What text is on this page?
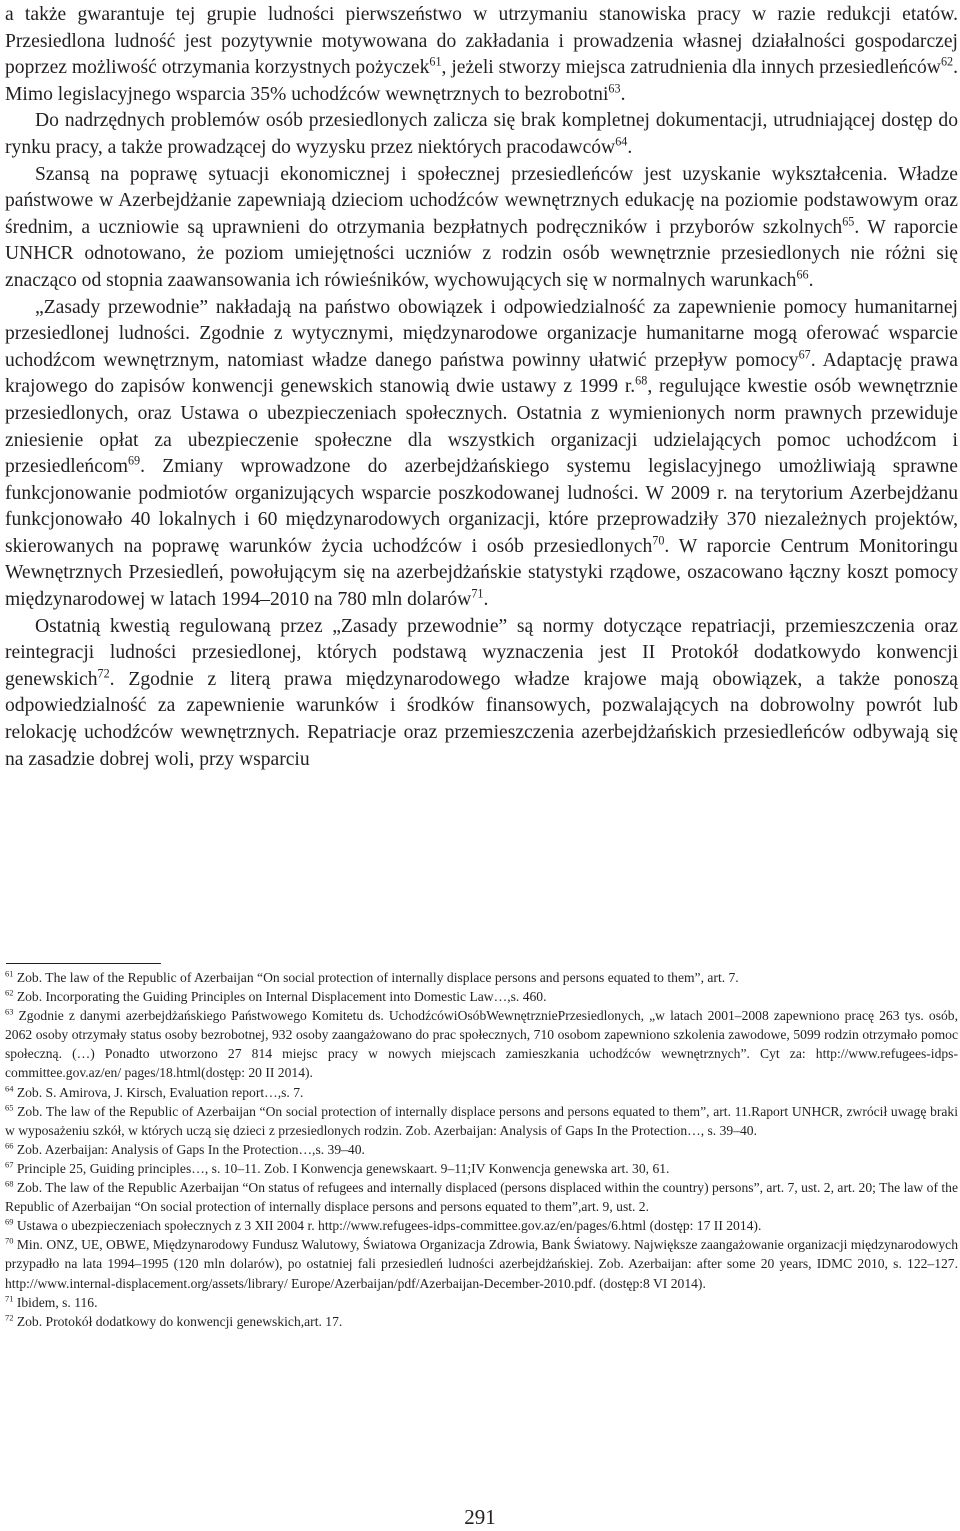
a także gwarantuje tej grupie ludności pierwszeństwo w utrzymaniu stanowiska pracy w razie redukcji etatów. Przesiedlona ludność jest pozytywnie motywowana do zakładania i prowadzenia własnej działalności gospodarczej poprzez możliwość otrzymania korzystnych pożyczek$^{61}$, jeżeli stworzy miejsca zatrudnienia dla innych przesiedleńców$^{62}$. Mimo legislacyjnego wsparcia 35% uchodźców wewnętrznych to bezrobotni$^{63}$.

Do nadrzędnych problemów osób przesiedlonych zalicza się brak kompletnej dokumentacji, utrudniającej dostęp do rynku pracy, a także prowadzącej do wyzysku przez niektórych pracodawców$^{64}$.

Szansą na poprawę sytuacji ekonomicznej i społecznej przesiedleńców jest uzyskanie wykształcenia. Władze państwowe w Azerbejdżanie zapewniają dzieciom uchodźców wewnętrznych edukację na poziomie podstawowym oraz średnim, a uczniowie są uprawnieni do otrzymania bezpłatnych podręczników i przyborów szkolnych$^{65}$. W raporcie UNHCR odnotowano, że poziom umiejętności uczniów z rodzin osób wewnętrznie przesiedlonych nie różni się znacząco od stopnia zaawansowania ich rówieśników, wychowujących się w normalnych warunkach$^{66}$.

„Zasady przewodnie” nakładają na państwo obowiązek i odpowiedzialność za zapewnienie pomocy humanitarnej przesiedlonej ludności. Zgodnie z wytycznymi, międzynarodowe organizacje humanitarne mogą oferować wsparcie uchodźcom wewnętrznym, natomiast władze danego państwa powinny ułatwić przepływ pomocy$^{67}$. Adaptację prawa krajowego do zapisów konwencji genewskich stanowią dwie ustawy z 1999 r.$^{68}$, regulujące kwestie osób wewnętrznie przesiedlonych, oraz Ustawa o ubezpieczeniach społecznych. Ostatnia z wymienionych norm prawnych przewiduje zniesienie opłat za ubezpieczenie społeczne dla wszystkich organizacji udzielających pomoc uchodźcom i przesiedleńcom$^{69}$. Zmiany wprowadzone do azerbejdżańskiego systemu legislacyjnego umożliwiają sprawne funkcjonowanie podmiotów organizujących wsparcie poszkodowanej ludności. W 2009 r. na terytorium Azerbejdżanu funkcjonowało 40 lokalnych i 60 międzynarodowych organizacji, które przeprowadziły 370 niezależnych projektów, skierowanych na poprawę warunków życia uchodźców i osób przesiedlonych$^{70}$. W raporcie Centrum Monitoringu Wewnętrznych Przesiedleń, powołującym się na azerbejdżańskie statystyki rządowe, oszacowano łączny koszt pomocy międzynarodowej w latach 1994–2010 na 780 mln dolarów$^{71}$.

Ostatnią kwestią regulowaną przez „Zasady przewodnie” są normy dotyczące repatriacji, przemieszczenia oraz reintegracji ludności przesiedlonej, których podstawą wyznaczenia jest II Protokół dodatkowydo konwencji genewskich$^{72}$. Zgodnie z literą prawa międzynarodowego władze krajowe mają obowiązek, a także ponoszą odpowiedzialność za zapewnienie warunków i środków finansowych, pozwalających na dobrowolny powrót lub relokację uchodźców wewnętrznych. Repatriacje oraz przemieszczenia azerbejdżańskich przesiedleńców odbywają się na zasadzie dobrej woli, przy wsparciu

$^{61}$ Zob. The law of the Republic of Azerbaijan “On social protection of internally displace persons and persons equated to them”, art. 7.
$^{62}$ Zob. Incorporating the Guiding Principles on Internal Displacement into Domestic Law…,s. 460.
$^{63}$ Zgodnie z danymi azerbejdżańskiego Państwowego Komitetu ds. UchodźcówiOsóbWewnętrzniePrzesiedlonych, „w latach 2001–2008 zapewniono pracę 263 tys. osób, 2062 osoby otrzymały status osoby bezrobotnej, 932 osoby zaangażowano do prac społecznych, 710 osobom zapewniono szkolenia zawodowe, 5099 rodzin otrzymało pomoc społeczną. (…) Ponadto utworzono 27 814 miejsc pracy w nowych miejscach zamieszkania uchodźców wewnętrznych”. Cyt za: http://www.refugees-idps-committee.gov.az/en/ pages/18.html(dostęp: 20 II 2014).
$^{64}$ Zob. S. Amirova, J. Kirsch, Evaluation report…,s. 7.
$^{65}$ Zob. The law of the Republic of Azerbaijan “On social protection of internally displace persons and persons equated to them”, art. 11.Raport UNHCR, zwrócił uwagę braki w wyposażeniu szkół, w których uczą się dzieci z przesiedlonych rodzin. Zob. Azerbaijan: Analysis of Gaps In the Protection…, s. 39–40.
$^{66}$ Zob. Azerbaijan: Analysis of Gaps In the Protection…,s. 39–40.
$^{67}$ Principle 25, Guiding principles…, s. 10–11. Zob. I Konwencja genewskaart. 9–11;IV Konwencja genewska art. 30, 61.
$^{68}$ Zob. The law of the Republic Azerbaijan “On status of refugees and internally displaced (persons displaced within the country) persons”, art. 7, ust. 2, art. 20; The law of the Republic of Azerbaijan “On social protection of internally displace persons and persons equated to them”,art. 9, ust. 2.
$^{69}$ Ustawa o ubezpieczeniach społecznych z 3 XII 2004 r. http://www.refugees-idps-committee.gov.az/en/pages/6.html (dostęp: 17 II 2014).
$^{70}$ Min. ONZ, UE, OBWE, Międzynarodowy Fundusz Walutowy, Światowa Organizacja Zdrowia, Bank Światowy. Największe zaangażowanie organizacji międzynarodowych przypadło na lata 1994–1995 (120 mln dolarów), po ostatniej fali przesiedleń ludności azerbejdżańskiej. Zob. Azerbaijan: after some 20 years, IDMC 2010, s. 122–127. http://www.internal-displacement.org/assets/library/ Europe/Azerbaijan/pdf/Azerbaijan-December-2010.pdf. (dostęp:8 VI 2014).
$^{71}$ Ibidem, s. 116.
$^{72}$ Zob. Protokół dodatkowy do konwencji genewskich,art. 17.
291
